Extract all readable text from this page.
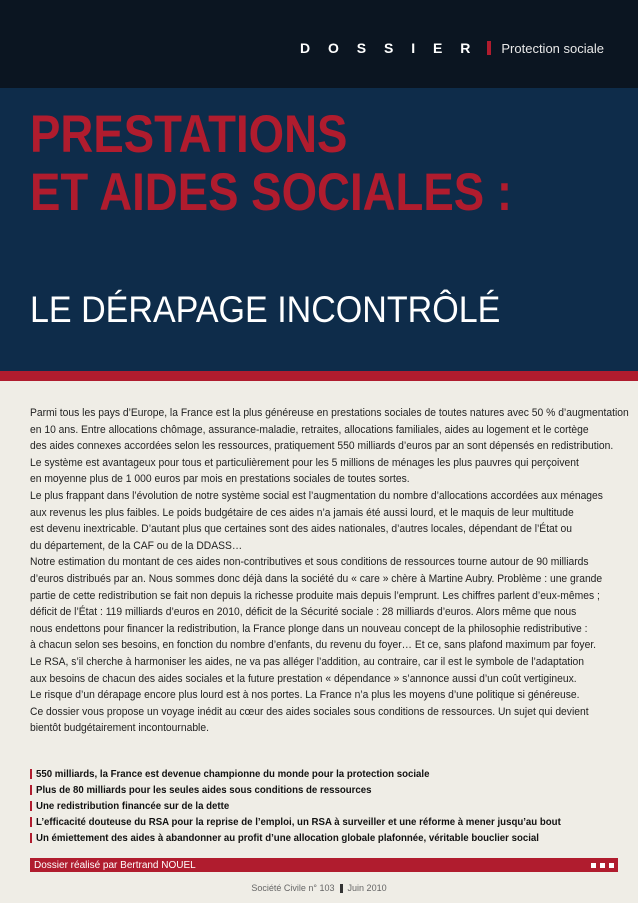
D O S S I E R Protection sociale
PRESTATIONS
ET AIDES SOCIALES :
LE DÉRAPAGE INCONTRÔLÉ

Parmi tous les pays d’Europe, la France est la plus généreuse en prestations sociales de toutes natures avec 50 % d’augmentation

en 10 ans. Entre allocations chômage, assurance-maladie, retraites, allocations familiales, aides au logement et le cortège

des aides connexes accordées selon les ressources, pratiquement 550 milliards d’euros par an sont dépensés en redistribution.

Le système est avantageux pour tous et particulièrement pour les 5 millions de ménages les plus pauvres qui perçoivent

en moyenne plus de 1 000 euros par mois en prestations sociales de toutes sortes.

Le plus frappant dans l’évolution de notre système social est l’augmentation du nombre d’allocations accordées aux ménages

aux revenus les plus faibles. Le poids budgétaire de ces aides n’a jamais été aussi lourd, et le maquis de leur multitude

est devenu inextricable. D’autant plus que certaines sont des aides nationales, d’autres locales, dépendant de l’État ou

du département, de la CAF ou de la DDASS…

Notre estimation du montant de ces aides non-contributives et sous conditions de ressources tourne autour de 90 milliards

d’euros distribués par an. Nous sommes donc déjà dans la société du « care » chère à Martine Aubry. Problème : une grande

partie de cette redistribution se fait non depuis la richesse produite mais depuis l’emprunt. Les chiffres parlent d’eux-mêmes ;

déficit de l’État : 119 milliards d’euros en 2010, déficit de la Sécurité sociale : 28 milliards d’euros. Alors même que nous

nous endettons pour financer la redistribution, la France plonge dans un nouveau concept de la philosophie redistributive :

à chacun selon ses besoins, en fonction du nombre d’enfants, du revenu du foyer… Et ce, sans plafond maximum par foyer.

Le RSA, s’il cherche à harmoniser les aides, ne va pas alléger l’addition, au contraire, car il est le symbole de l’adaptation

aux besoins de chacun des aides sociales et la future prestation « dépendance » s’annonce aussi d’un coût vertigineux.

Le risque d’un dérapage encore plus lourd est à nos portes. La France n’a plus les moyens d’une politique si généreuse.

Ce dossier vous propose un voyage inédit au cœur des aides sociales sous conditions de ressources. Un sujet qui devient

bientôt budgétairement incontournable.

550 milliards, la France est devenue championne du monde pour la protection sociale
Plus de 80 milliards pour les seules aides sous conditions de ressources
Une redistribution financée sur de la dette
L’efficacité douteuse du RSA pour la reprise de l’emploi, un RSA à surveiller et une réforme à mener jusqu’au bout
Un émiettement des aides à abandonner au profit d’une allocation globale plafonnée, véritable bouclier social
Dossier réalisé par Bertrand NOUEL
Société Civile n° 103 Juin 2010
